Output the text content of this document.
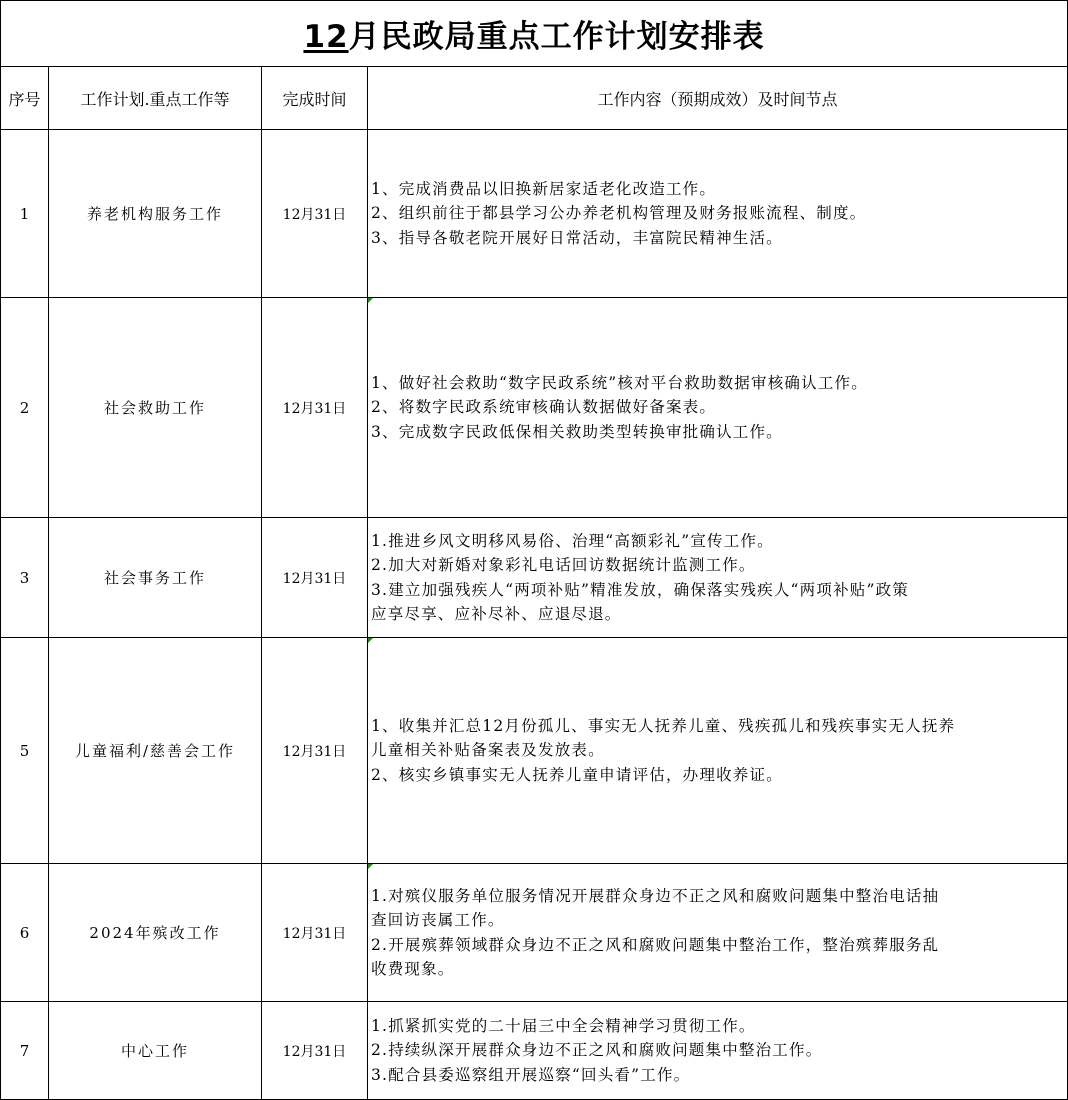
12月民政局重点工作计划安排表			
序号	工作计划.重点工作等	完成时间	工作内容（预期成效）及时间节点
1	养老机构服务工作	12月31日	1、完成消费品以旧换新居家适老化改造工作。
2、组织前往于都县学习公办养老机构管理及财务报账流程、制度。
3、指导各敬老院开展好日常活动，丰富院民精神生活。

2	社会救助工作	12月31日	1、做好社会救助“数字民政系统”核对平台救助数据审核确认工作。
2、将数字民政系统审核确认数据做好备案表。
3、完成数字民政低保相关救助类型转换审批确认工作。

3	社会事务工作	12月31日	1.推进乡风文明移风易俗、治理“高额彩礼”宣传工作。
2.加大对新婚对象彩礼电话回访数据统计监测工作。
3.建立加强残疾人“两项补贴”精准发放，确保落实残疾人“两项补贴”政策
应享尽享、应补尽补、应退尽退。

5	儿童福利/慈善会工作	12月31日	1、收集并汇总12月份孤儿、事实无人抚养儿童、残疾孤儿和残疾事实无人抚养
儿童相关补贴备案表及发放表。
2、核实乡镇事实无人抚养儿童申请评估，办理收养证。

6	2024年殡改工作	12月31日	1.对殡仪服务单位服务情况开展群众身边不正之风和腐败问题集中整治电话抽
查回访丧属工作。
2.开展殡葬领域群众身边不正之风和腐败问题集中整治工作，整治殡葬服务乱
收费现象。

7	中心工作	12月31日	1.抓紧抓实党的二十届三中全会精神学习贯彻工作。
2.持续纵深开展群众身边不正之风和腐败问题集中整治工作。
3.配合县委巡察组开展巡察“回头看”工作。
